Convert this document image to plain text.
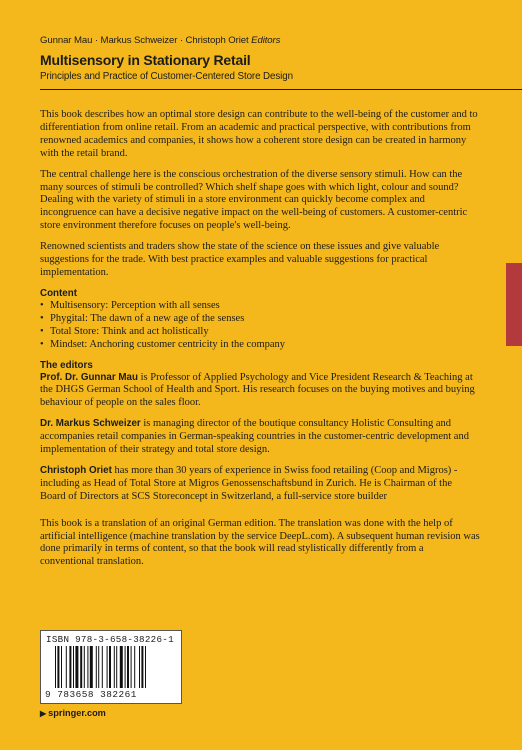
Gunnar Mau · Markus Schweizer · Christoph Oriet Editors
Multisensory in Stationary Retail
Principles and Practice of Customer-Centered Store Design

This book describes how an optimal store design can contribute to the well-being of the customer and to differentiation from online retail. From an academic and practical perspective, with contributions from renowned academics and companies, it shows how a coherent store design can be created in harmony with the retail brand.

The central challenge here is the conscious orchestration of the diverse sensory stimuli. How can the many sources of stimuli be controlled? Which shelf shape goes with which light, colour and sound? Dealing with the variety of stimuli in a store environment can quickly become complex and incongruence can have a decisive negative impact on the well-being of customers. A customer-centric store environment therefore focuses on people's well-being.

Renowned scientists and traders show the state of the science on these issues and give valuable suggestions for the trade. With best practice examples and valuable suggestions for practical implementation.

Content
• Multisensory: Perception with all senses
• Phygital: The dawn of a new age of the senses
• Total Store: Think and act holistically
• Mindset: Anchoring customer centricity in the company
The editors

Prof. Dr. Gunnar Mau is Professor of Applied Psychology and Vice President Research & Teaching at the DHGS German School of Health and Sport. His research focuses on the buying motives and buying behaviour of people on the sales floor.

Dr. Markus Schweizer is managing director of the boutique consultancy Holistic Consulting and accompanies retail companies in German-speaking countries in the customer-centric development and implementation of their strategy and total store design.

Christoph Oriet has more than 30 years of experience in Swiss food retailing (Coop and Migros) - including as Head of Total Store at Migros Genossenschaftsbund in Zurich. He is Chairman of the Board of Directors at SCS Storeconcept in Switzerland, a full-service store builder

This book is a translation of an original German edition. The translation was done with the help of artificial intelligence (machine translation by the service DeepL.com). A subsequent human revision was done primarily in terms of content, so that the book will read stylistically differently from a conventional translation.

ISBN 978-3-658-38226-1
9 783658 382261
▶ springer.com
